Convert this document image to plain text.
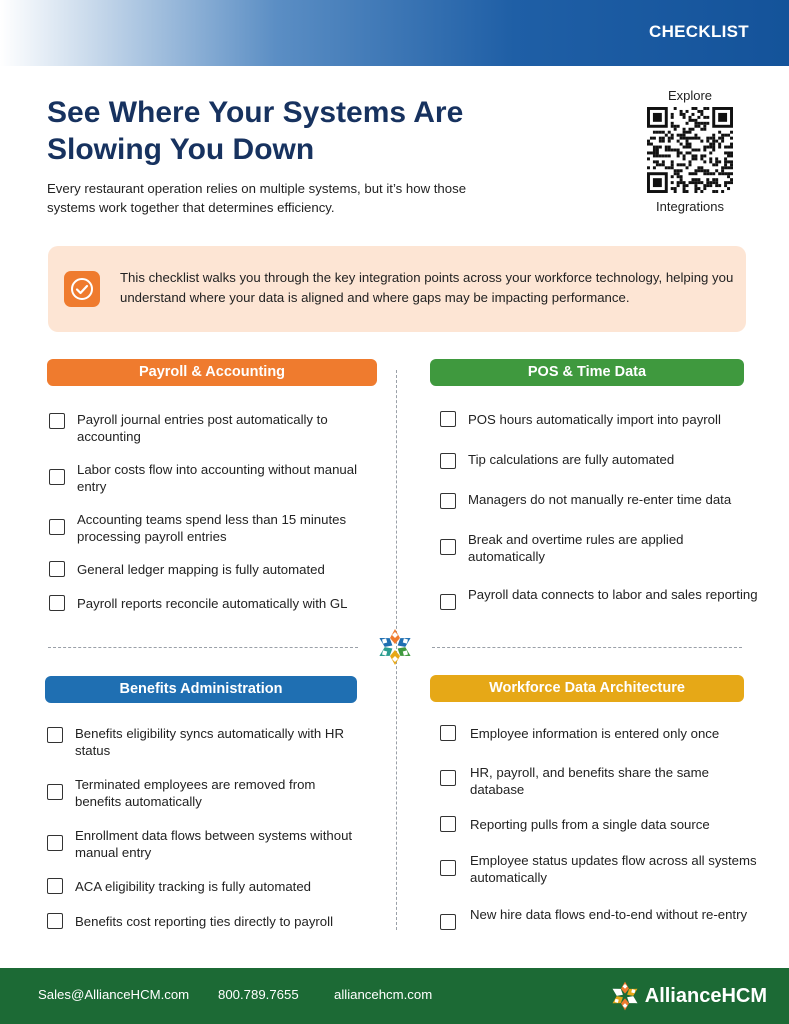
CHECKLIST
See Where Your Systems Are Slowing You Down

Every restaurant operation relies on multiple systems, but it’s how those systems work together that determines efficiency.

Explore
Integrations
This checklist walks you through the key integration points across your workforce technology, helping you understand where your data is aligned and where gaps may be impacting performance.
Payroll & Accounting
Payroll journal entries post automatically to accounting
Labor costs flow into accounting without manual entry
Accounting teams spend less than 15 minutes processing payroll entries
General ledger mapping is fully automated
Payroll reports reconcile automatically with GL
POS & Time Data
POS hours automatically import into payroll
Tip calculations are fully automated
Managers do not manually re-enter time data
Break and overtime rules are applied automatically
Payroll data connects to labor and sales reporting
Benefits Administration
Benefits eligibility syncs automatically with HR status
Terminated employees are removed from benefits automatically
Enrollment data flows between systems without manual entry
ACA eligibility tracking is fully automated
Benefits cost reporting ties directly to payroll
Workforce Data Architecture
Employee information is entered only once
HR, payroll, and benefits share the same database
Reporting pulls from a single data source
Employee status updates flow across all systems automatically
New hire data flows end-to-end without re-entry
Sales@AllianceHCM.com 800.789.7655	alliancehcm.com	AllianceHCM
